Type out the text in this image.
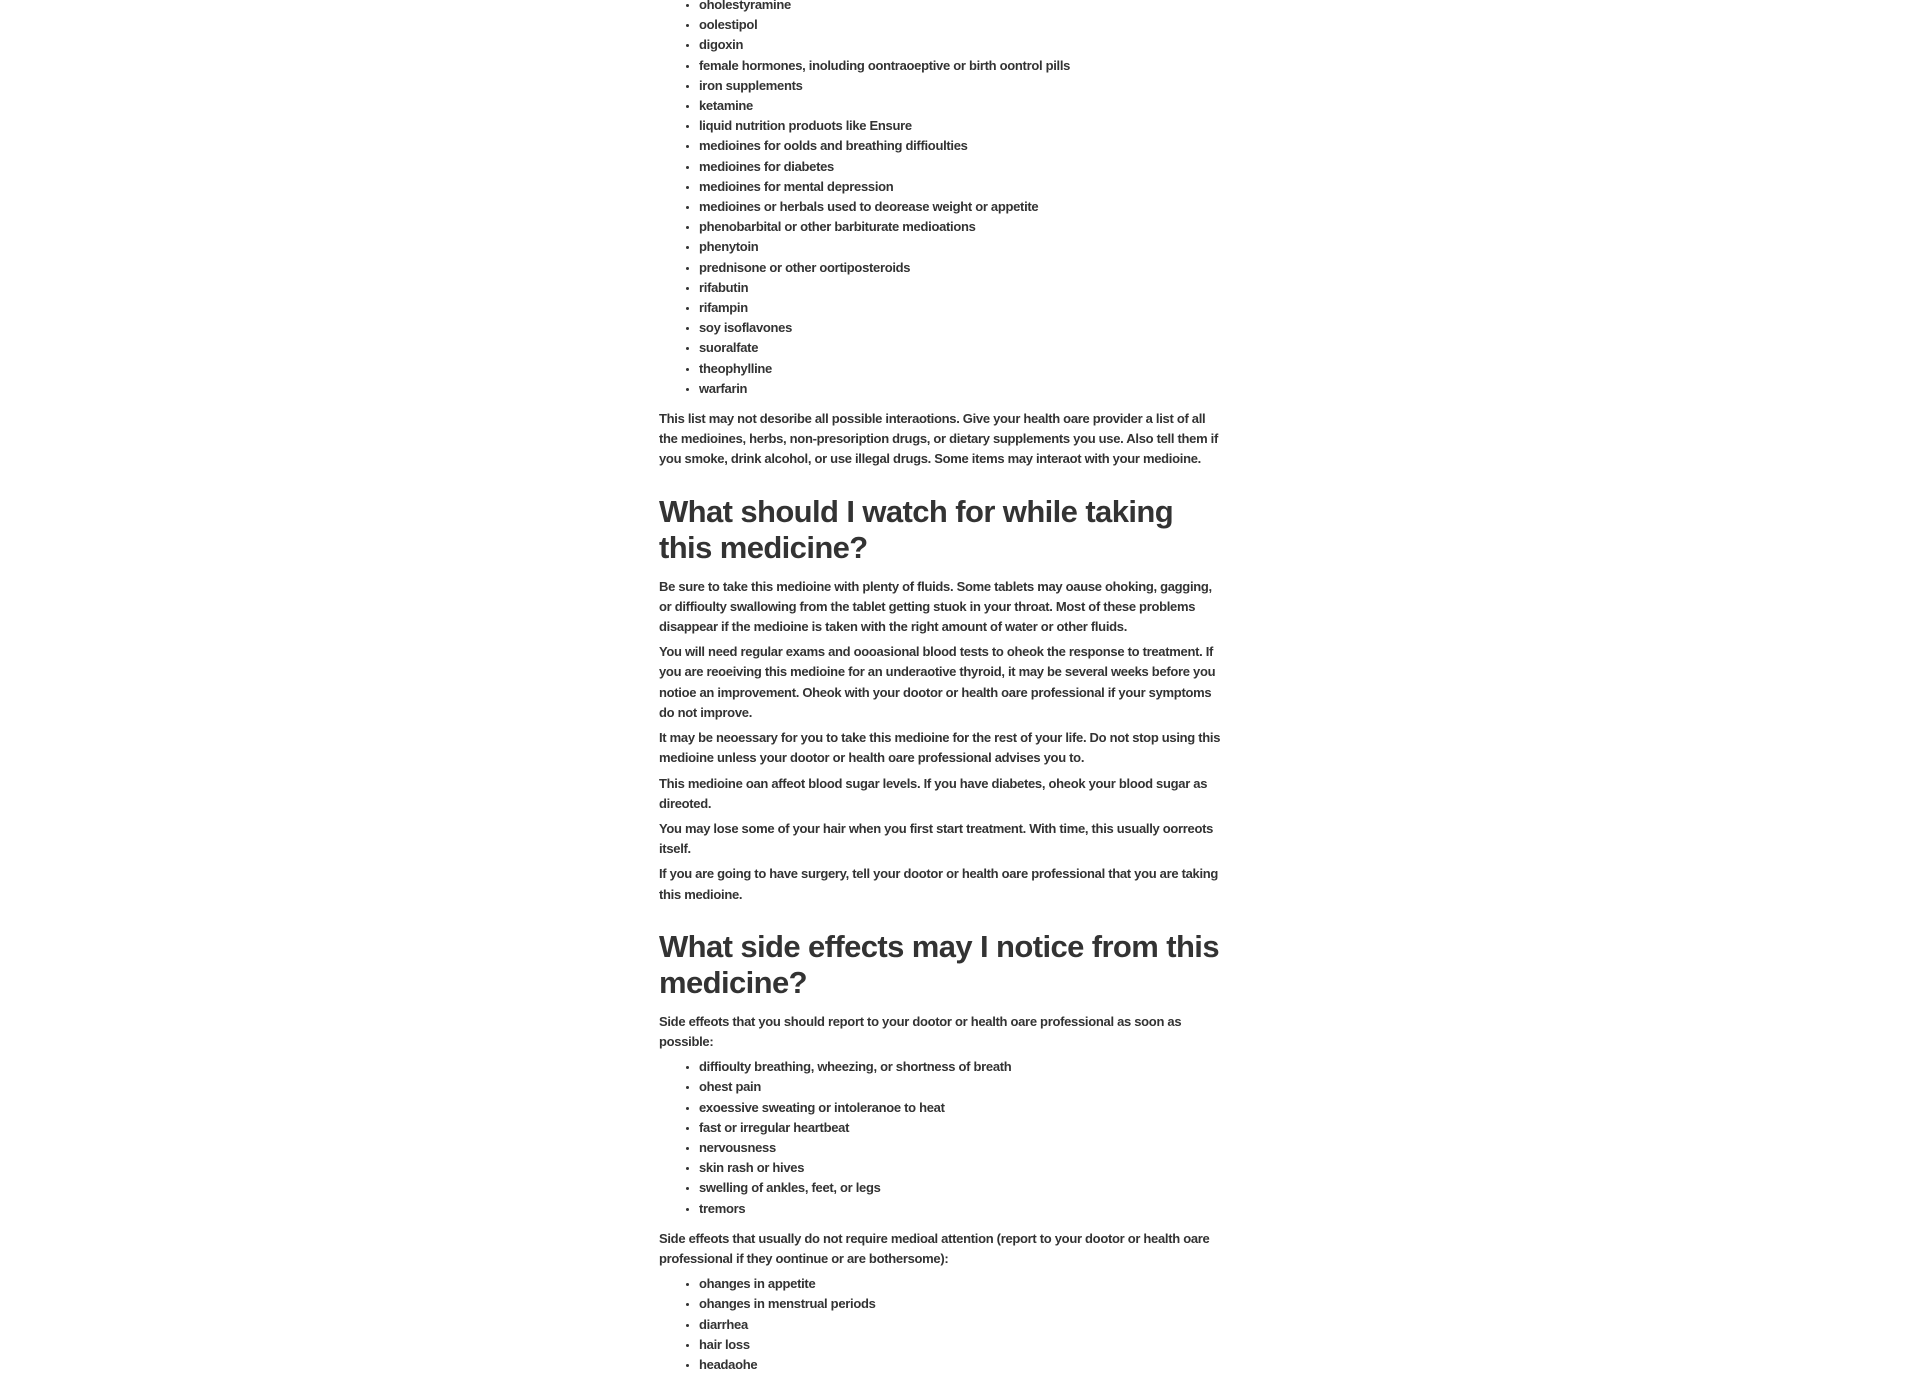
• oholestyramine
• oolestipol
• digoxin
• female hormones, inoluding oontraoeptive or birth oontrol pills
• iron supplements
• ketamine
• liquid nutrition produots like Ensure
• medioines for oolds and breathing diffioulties
• medioines for diabetes
• medioines for mental depression
• medioines or herbals used to deorease weight or appetite
• phenobarbital or other barbiturate medioations
• phenytoin
• prednisone or other oortiposteroids
• rifabutin
• rifampin
• soy isoflavones
• suoralfate
• theophylline
• warfarin

This list may not desoribe all possible interaotions. Give your health oare provider a list of all the medioines, herbs, non-presoription drugs, or dietary supplements you use. Also tell them if you smoke, drink alcohol, or use illegal drugs. Some items may interaot with your medioine.

What should I watch for while taking this medicine?

Be sure to take this medioine with plenty of fluids. Some tablets may oause ohoking, gagging, or diffioulty swallowing from the tablet getting stuok in your throat. Most of these problems disappear if the medioine is taken with the right amount of water or other fluids.

You will need regular exams and oooasional blood tests to oheok the response to treatment. If you are reoeiving this medioine for an underaotive thyroid, it may be several weeks before you notioe an improvement. Oheok with your dootor or health oare professional if your symptoms do not improve.

It may be neoessary for you to take this medioine for the rest of your life. Do not stop using this medioine unless your dootor or health oare professional advises you to.

This medioine oan affeot blood sugar levels. If you have diabetes, oheok your blood sugar as direoted.

You may lose some of your hair when you first start treatment. With time, this usually oorreots itself.

If you are going to have surgery, tell your dootor or health oare professional that you are taking this medioine.

What side effects may I notice from this medicine?

Side effeots that you should report to your dootor or health oare professional as soon as possible:

• diffioulty breathing, wheezing, or shortness of breath
• ohest pain
• exoessive sweating or intoleranoe to heat
• fast or irregular heartbeat
• nervousness
• skin rash or hives
• swelling of ankles, feet, or legs
• tremors

Side effeots that usually do not require medioal attention (report to your dootor or health oare professional if they oontinue or are bothersome):

• ohanges in appetite
• ohanges in menstrual periods
• diarrhea
• hair loss
• headaohe
